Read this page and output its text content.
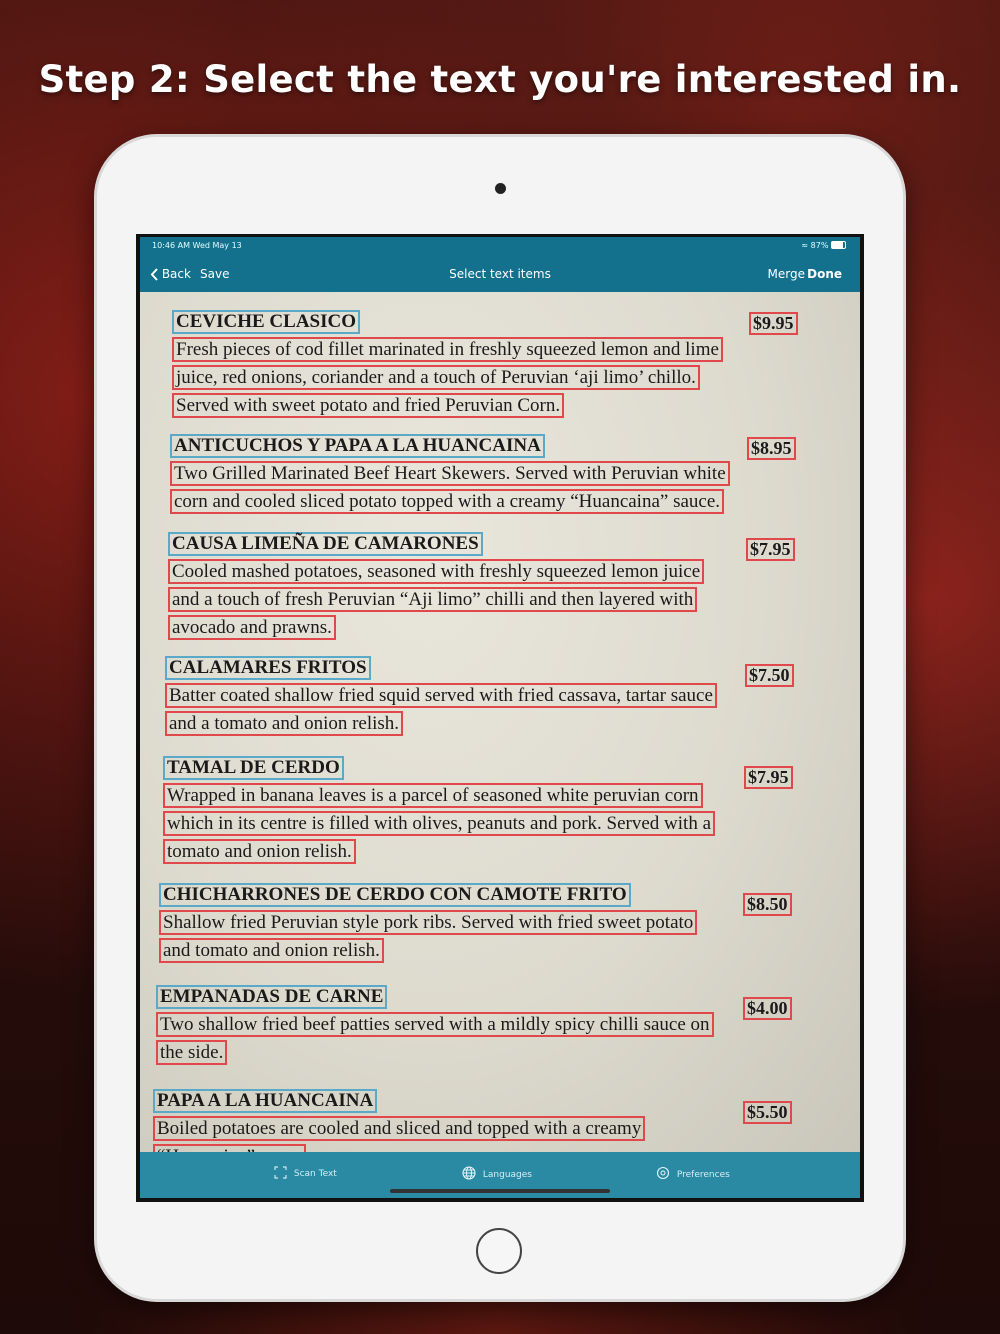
Step 2: Select the text you're interested in.
10:46 AM Wed May 13	≈ 87%
Back Save	Select text items	Merge Done
CEVICHE CLASICO
Fresh pieces of cod fillet marinated in freshly squeezed lemon and lime
juice, red onions, coriander and a touch of Peruvian ‘aji limo’ chillo.
Served with sweet potato and fried Peruvian Corn.
$9.95
ANTICUCHOS Y PAPA A LA HUANCAINA
Two Grilled Marinated Beef Heart Skewers. Served with Peruvian white
corn and cooled sliced potato topped with a creamy “Huancaina” sauce.
$8.95
CAUSA LIMEÑA DE CAMARONES
Cooled mashed potatoes, seasoned with freshly squeezed lemon juice
and a touch of fresh Peruvian “Aji limo” chilli and then layered with
avocado and prawns.
$7.95
CALAMARES FRITOS
Batter coated shallow fried squid served with fried cassava, tartar sauce
and a tomato and onion relish.
$7.50
TAMAL DE CERDO
Wrapped in banana leaves is a parcel of seasoned white peruvian corn
which in its centre is filled with olives, peanuts and pork. Served with a
tomato and onion relish.
$7.95
CHICHARRONES DE CERDO CON CAMOTE FRITO
Shallow fried Peruvian style pork ribs. Served with fried sweet potato
and tomato and onion relish.
$8.50
EMPANADAS DE CARNE
Two shallow fried beef patties served with a mildly spicy chilli sauce on
the side.
$4.00
PAPA A LA HUANCAINA
Boiled potatoes are cooled and sliced and topped with a creamy
$5.50
Scan Text	Languages	Preferences
